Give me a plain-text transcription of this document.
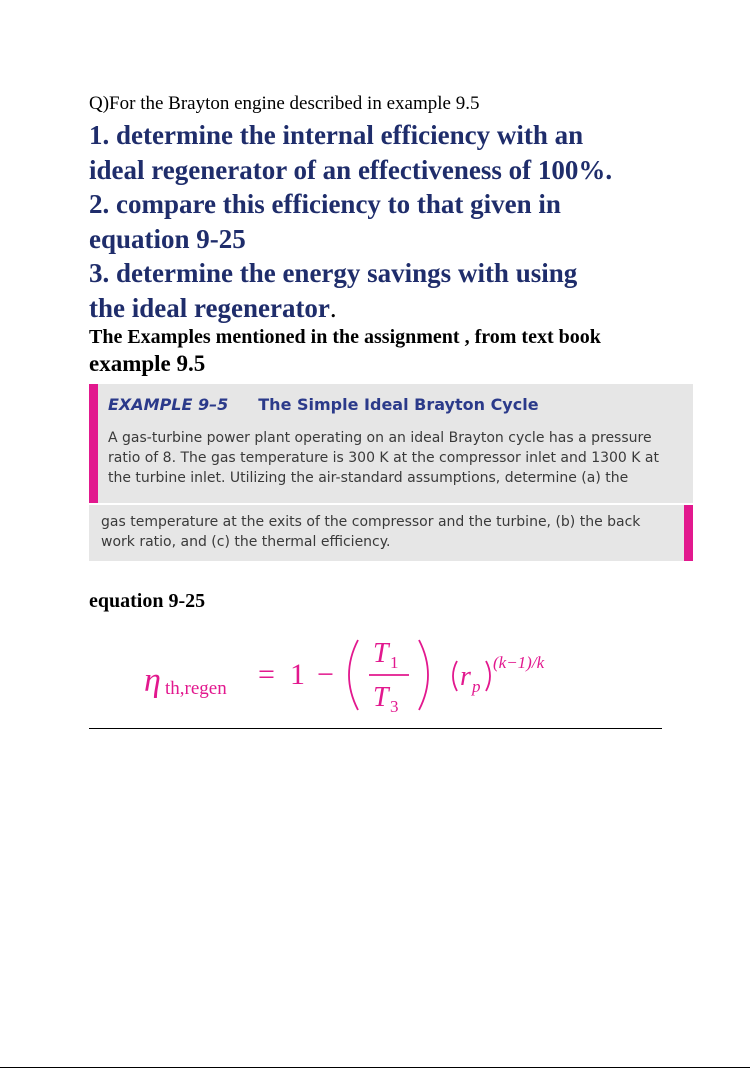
Q)For the Brayton engine described in example 9.5
1. determine the internal efficiency with an
ideal regenerator of an effectiveness of 100%.
2. compare this efficiency to that given in
equation 9-25
3. determine the energy savings with using
the ideal regenerator.
The Examples mentioned in the assignment , from text book
example 9.5
EXAMPLE 9–5 The Simple Ideal Brayton Cycle
A gas-turbine power plant operating on an ideal Brayton cycle has a pressure ratio of 8. The gas temperature is 300 K at the compressor inlet and 1300 K at the turbine inlet. Utilizing the air-standard assumptions, determine (a) the
gas temperature at the exits of the compressor and the turbine, (b) the back work ratio, and (c) the thermal efficiency.
equation 9-25
η th,regen = 1 −
T 1
T 3
r p
(k−1)/k
